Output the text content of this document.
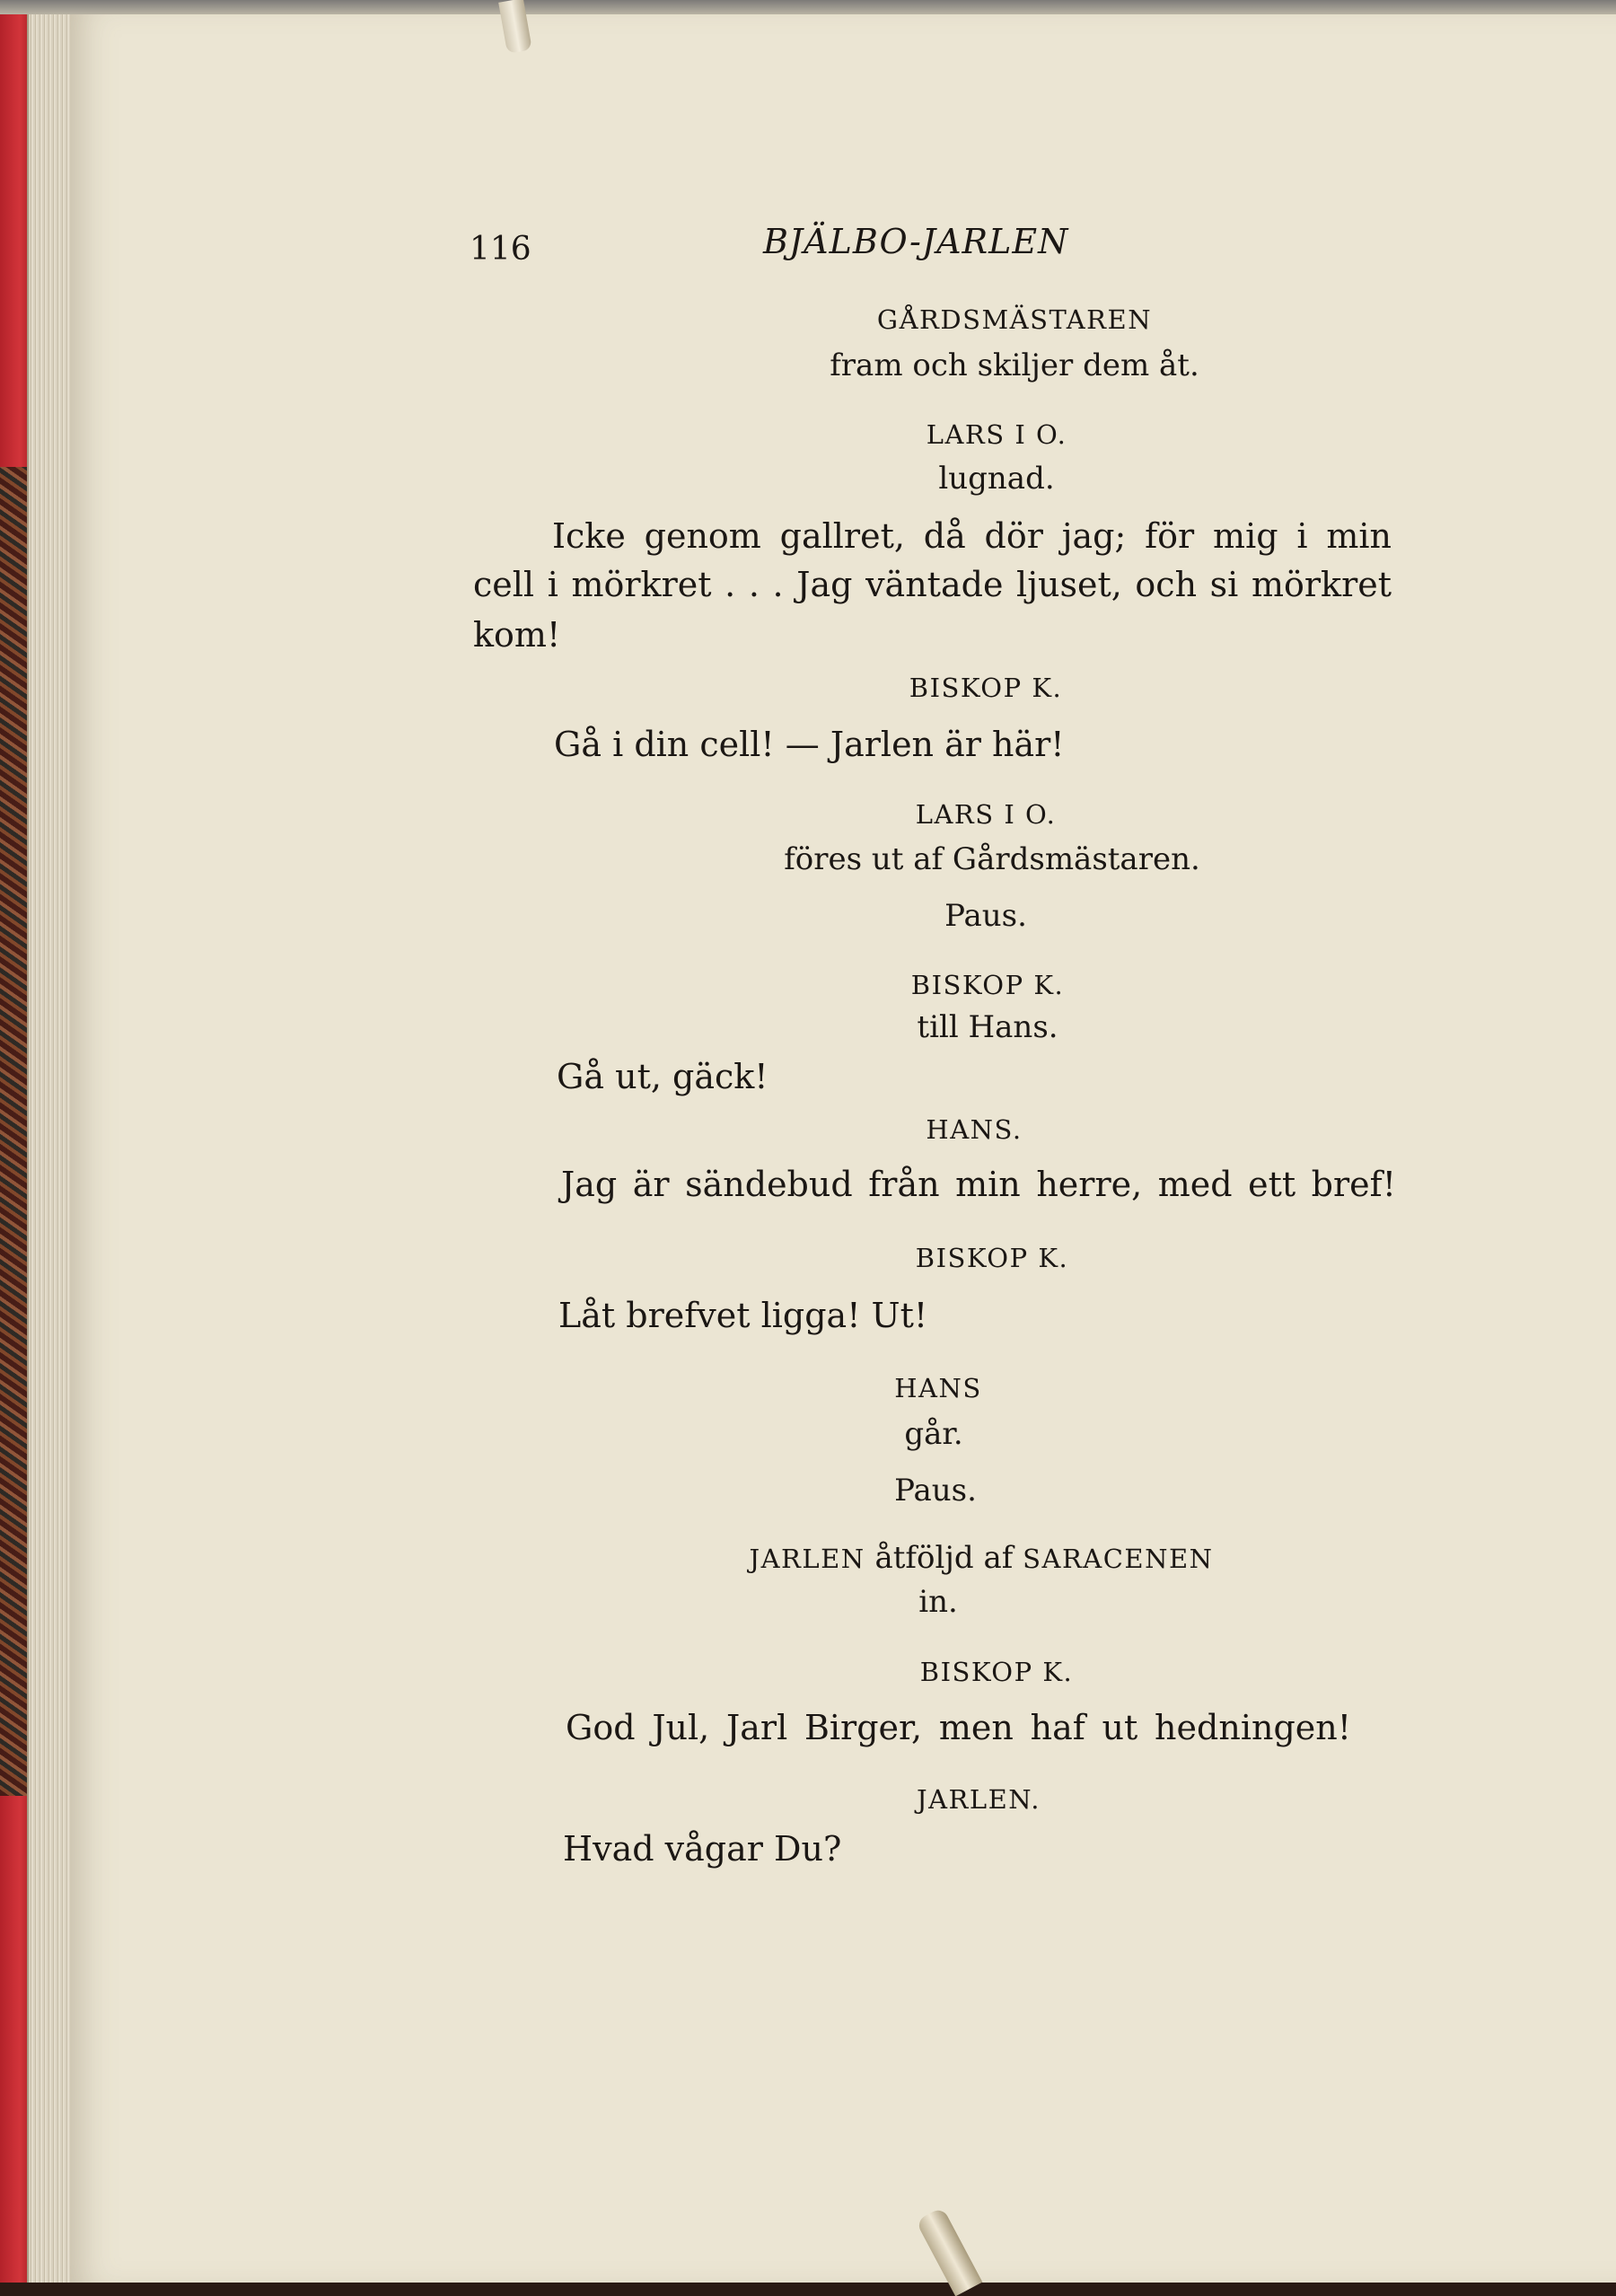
116	BJÄLBO-JARLEN
GÅRDSMÄSTAREN
fram och skiljer dem åt.
LARS I O.
lugnad.
Icke genom gallret, då dör jag; för mig i min
cell i mörkret . . . Jag väntade ljuset, och si mörkret
kom!
BISKOP K.
Gå i din cell! — Jarlen är här!
LARS I O.
föres ut af Gårdsmästaren.
Paus.
BISKOP K.
till Hans.
Gå ut, gäck!
HANS.
Jag är sändebud från min herre, med ett bref!
BISKOP K.
Låt brefvet ligga! Ut!
HANS
går.
Paus.
JARLEN åtföljd af SARACENEN
in.
BISKOP K.
God Jul, Jarl Birger, men haf ut hedningen!
JARLEN.
Hvad vågar Du?
